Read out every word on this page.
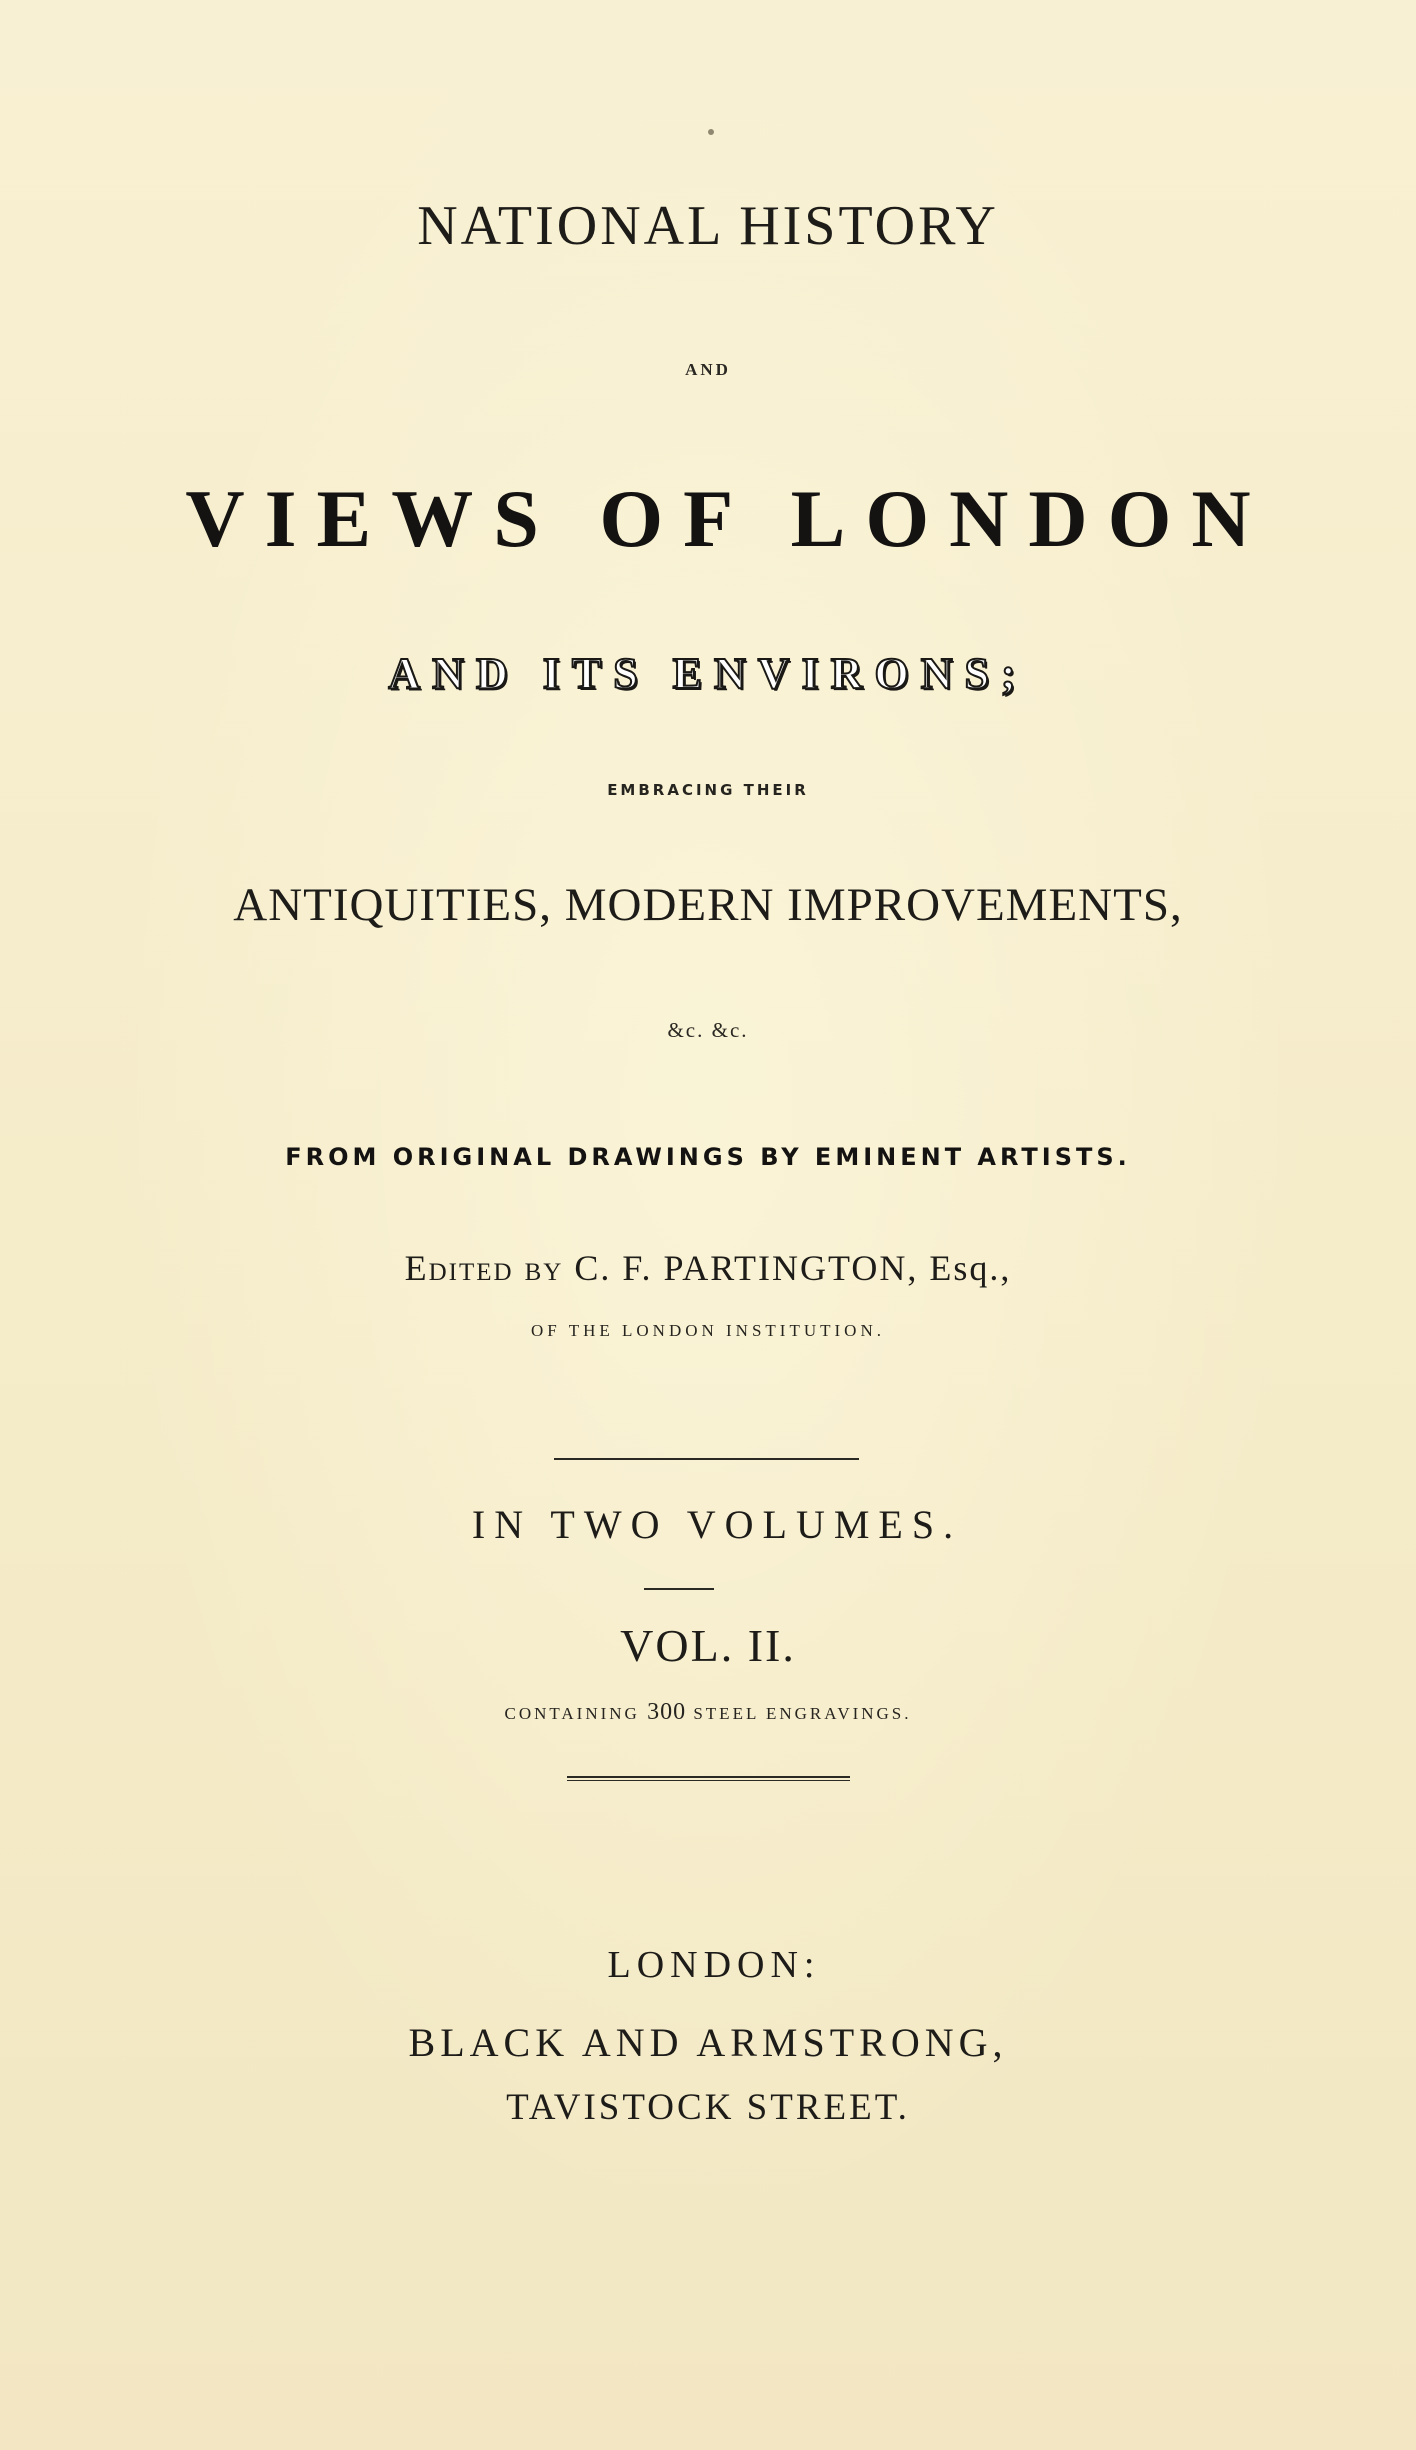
NATIONAL HISTORY
AND
VIEWS OF LONDON
AND ITS ENVIRONS;
EMBRACING THEIR
ANTIQUITIES, MODERN IMPROVEMENTS,
&c. &c.
FROM ORIGINAL DRAWINGS BY EMINENT ARTISTS.
Edited by C. F. PARTINGTON, Esq.,
OF THE LONDON INSTITUTION.
IN TWO VOLUMES.
VOL. II.
CONTAINING 300 STEEL ENGRAVINGS.
LONDON:
BLACK AND ARMSTRONG,
TAVISTOCK STREET.
